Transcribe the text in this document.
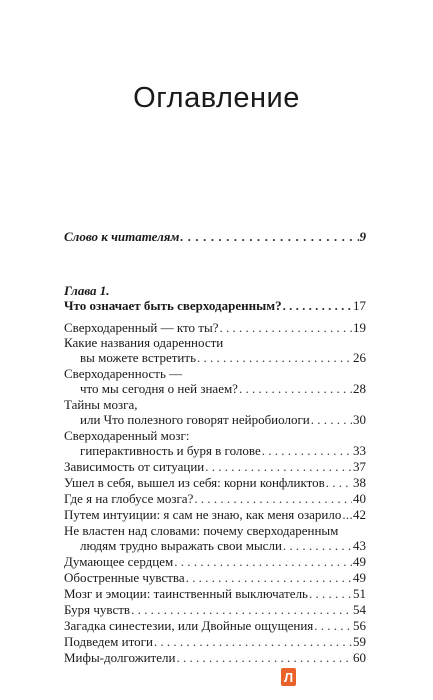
Оглавление
Слово к читателям . . .	9
Глава 1.
Что означает быть сверходаренным? . . .	17
Сверходаренный — кто ты? . . .	19
Какие названия одаренности
вы можете встретить . . .	26
Сверходаренность —
что мы сегодня о ней знаем? . . .	28
Тайны мозга,
или Что полезного говорят нейробиологи . . .	30
Сверходаренный мозг:
гиперактивность и буря в голове . . .	33
Зависимость от ситуации . . .	37
Ушел в себя, вышел из себя: корни конфликтов . . . 38
Где я на глобусе мозга? . . .	40
Путем интуиции: я сам не знаю, как меня озарило ..... 42
Не властен над словами: почему сверходаренным
людям трудно выражать свои мысли . . .	43
Думающее сердцем . . .	49
Обостренные чувства . . .	49
Мозг и эмоции: таинственный выключатель . . .	51
Буря чувств . . .	54
Загадка синестезии, или Двойные ощущения . . .	56
Подведем итоги . . .	59
Мифы-долгожители . . .	60
Л
